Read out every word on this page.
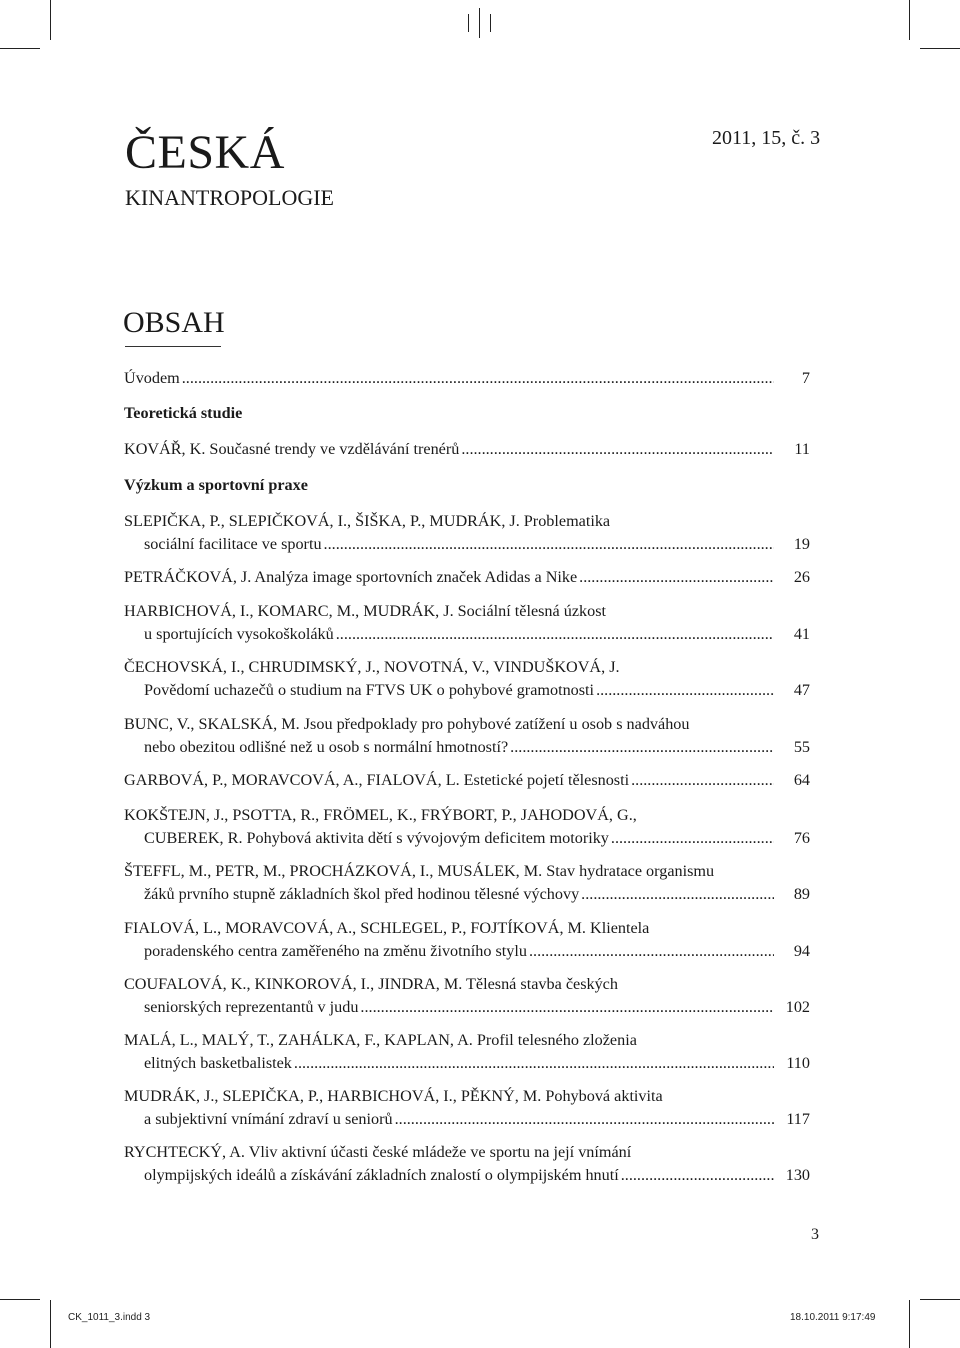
ČESKÁ
KINANTROPOLOGIE
2011, 15, č. 3
OBSAH
Úvodem .....	7
Teoretická studie
KOVÁŘ, K. Současné trendy ve vzdělávání trenérů .....	11
Výzkum a sportovní praxe
SLEPIČKA, P., SLEPIČKOVÁ, I., ŠIŠKA, P., MUDRÁK, J. Problematika
sociální facilitace ve sportu .....	19
PETRÁČKOVÁ, J. Analýza image sportovních značek Adidas a Nike .....	26
HARBICHOVÁ, I., KOMARC, M., MUDRÁK, J. Sociální tělesná úzkost
u sportujících vysokoškoláků .....	41
ČECHOVSKÁ, I., CHRUDIMSKÝ, J., NOVOTNÁ, V., VINDUŠKOVÁ, J.
Povědomí uchazečů o studium na FTVS UK o pohybové gramotnosti .....	47
BUNC, V., SKALSKÁ, M. Jsou předpoklady pro pohybové zatížení u osob s nadváhou
nebo obezitou odlišné než u osob s normální hmotností? .....	55
GARBOVÁ, P., MORAVCOVÁ, A., FIALOVÁ, L. Estetické pojetí tělesnosti .....	64
KOKŠTEJN, J., PSOTTA, R., FRÖMEL, K., FRÝBORT, P., JAHODOVÁ, G.,
CUBEREK, R. Pohybová aktivita dětí s vývojovým deficitem motoriky .....	76
ŠTEFFL, M., PETR, M., PROCHÁZKOVÁ, I., MUSÁLEK, M. Stav hydratace organismu
žáků prvního stupně základních škol před hodinou tělesné výchovy .....	89
FIALOVÁ, L., MORAVCOVÁ, A., SCHLEGEL, P., FOJTÍKOVÁ, M. Klientela
poradenského centra zaměřeného na změnu životního stylu .....	94
COUFALOVÁ, K., KINKOROVÁ, I., JINDRA, M. Tělesná stavba českých
seniorských reprezentantů v judu .....	102
MALÁ, L., MALÝ, T., ZAHÁLKA, F., KAPLAN, A. Profil telesného zloženia
elitných basketbalistek .....	110
MUDRÁK, J., SLEPIČKA, P., HARBICHOVÁ, I., PĚKNÝ, M. Pohybová aktivita
a subjektivní vnímání zdraví u seniorů .....	117
RYCHTECKÝ, A. Vliv aktivní účasti české mládeže ve sportu na její vnímání
olympijských ideálů a získávání základních znalostí o olympijském hnutí .....	130
3
CK_1011_3.indd 3	18.10.2011 9:17:49
